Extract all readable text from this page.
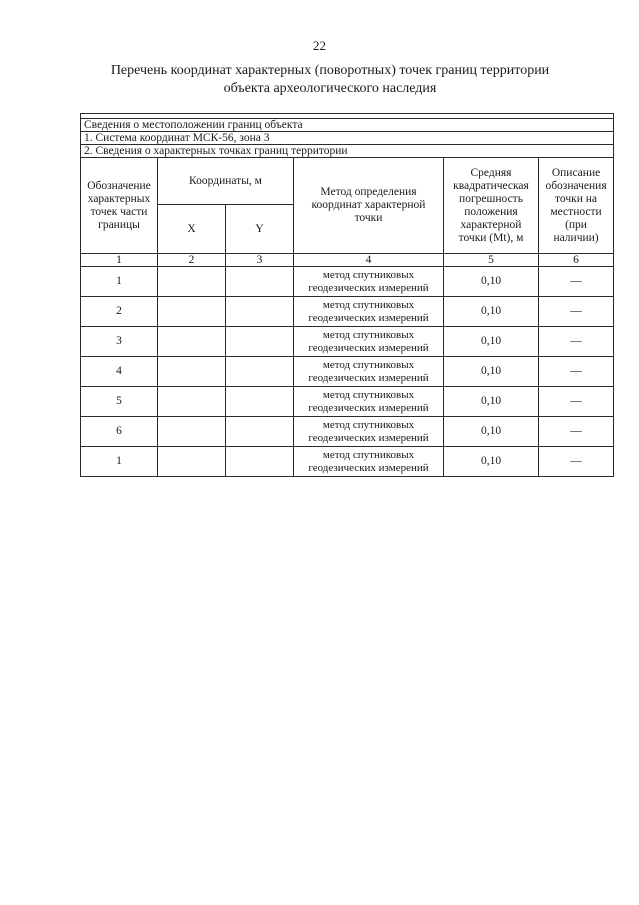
22
Перечень координат характерных (поворотных) точек границ территории
объекта археологического наследия

Сведения о местоположении границ объекта					
1. Система координат МСК-56, зона 3					
2. Сведения о характерных точках границ территории					
Обозначение характерных точек части границы	Координаты, м		Метод определения координат характерной точки	Средняя квадратическая погрешность положения характерной точки (Mt), м	Описание обозначения точки на местности (при наличии)
	X	Y			
1	2	3	4	5	6
1			метод спутниковых геодезических измерений	0,10	—
2			метод спутниковых геодезических измерений	0,10	—
3			метод спутниковых геодезических измерений	0,10	—
4			метод спутниковых геодезических измерений	0,10	—
5			метод спутниковых геодезических измерений	0,10	—
6			метод спутниковых геодезических измерений	0,10	—
1			метод спутниковых геодезических измерений	0,10	—
